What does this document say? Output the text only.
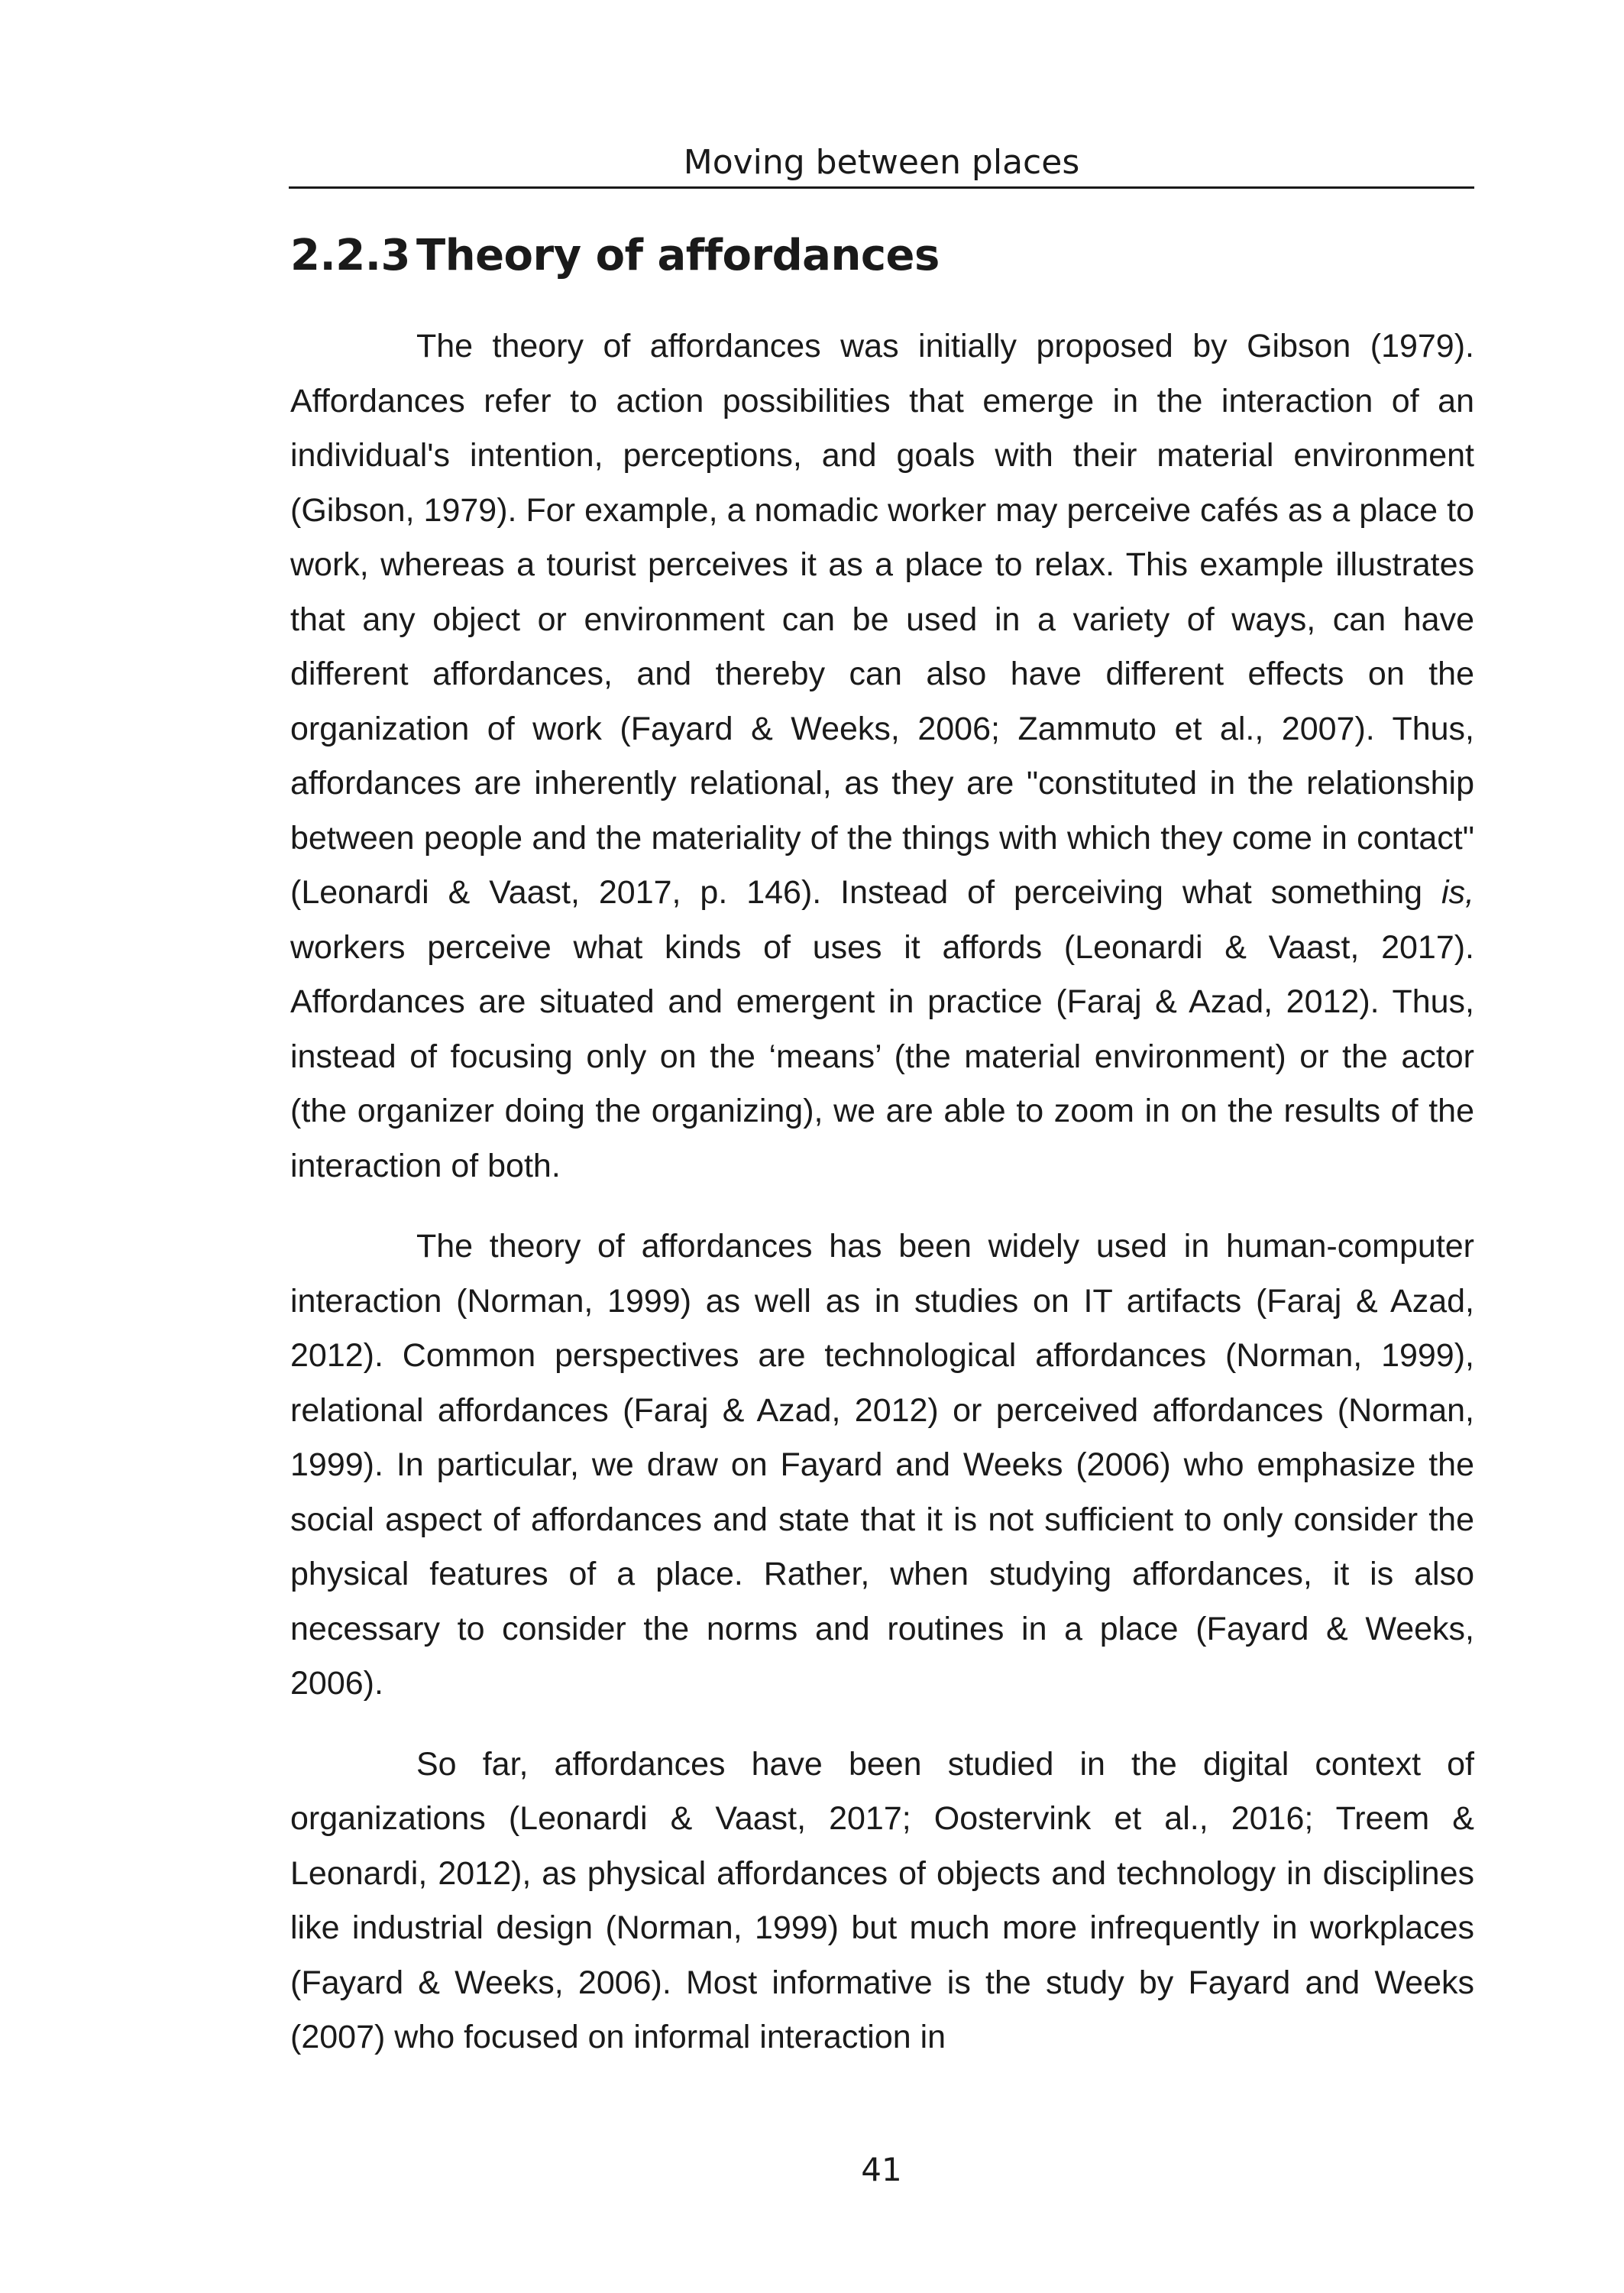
Moving between places
2.2.3 Theory of affordances

The theory of affordances was initially proposed by Gibson (1979). Affordances refer to action possibilities that emerge in the interaction of an individual's intention, perceptions, and goals with their material environment (Gibson, 1979). For example, a nomadic worker may perceive cafés as a place to work, whereas a tourist perceives it as a place to relax. This example illustrates that any object or environment can be used in a variety of ways, can have different affordances, and thereby can also have different effects on the organization of work (Fayard & Weeks, 2006; Zammuto et al., 2007). Thus, affordances are inherently relational, as they are "constituted in the relationship between people and the materiality of the things with which they come in contact" (Leonardi & Vaast, 2017, p. 146). Instead of perceiving what something is, workers perceive what kinds of uses it affords (Leonardi & Vaast, 2017). Affordances are situated and emergent in practice (Faraj & Azad, 2012). Thus, instead of focusing only on the ‘means’ (the material environment) or the actor (the organizer doing the organizing), we are able to zoom in on the results of the interaction of both.

The theory of affordances has been widely used in human-computer interaction (Norman, 1999) as well as in studies on IT artifacts (Faraj & Azad, 2012). Common perspectives are technological affordances (Norman, 1999), relational affordances (Faraj & Azad, 2012) or perceived affordances (Norman, 1999). In particular, we draw on Fayard and Weeks (2006) who emphasize the social aspect of affordances and state that it is not sufficient to only consider the physical features of a place. Rather, when studying affordances, it is also necessary to consider the norms and routines in a place (Fayard & Weeks, 2006).

So far, affordances have been studied in the digital context of organizations (Leonardi & Vaast, 2017; Oostervink et al., 2016; Treem & Leonardi, 2012), as physical affordances of objects and technology in disciplines like industrial design (Norman, 1999) but much more infrequently in workplaces (Fayard & Weeks, 2006). Most informative is the study by Fayard and Weeks (2007) who focused on informal interaction in

41
